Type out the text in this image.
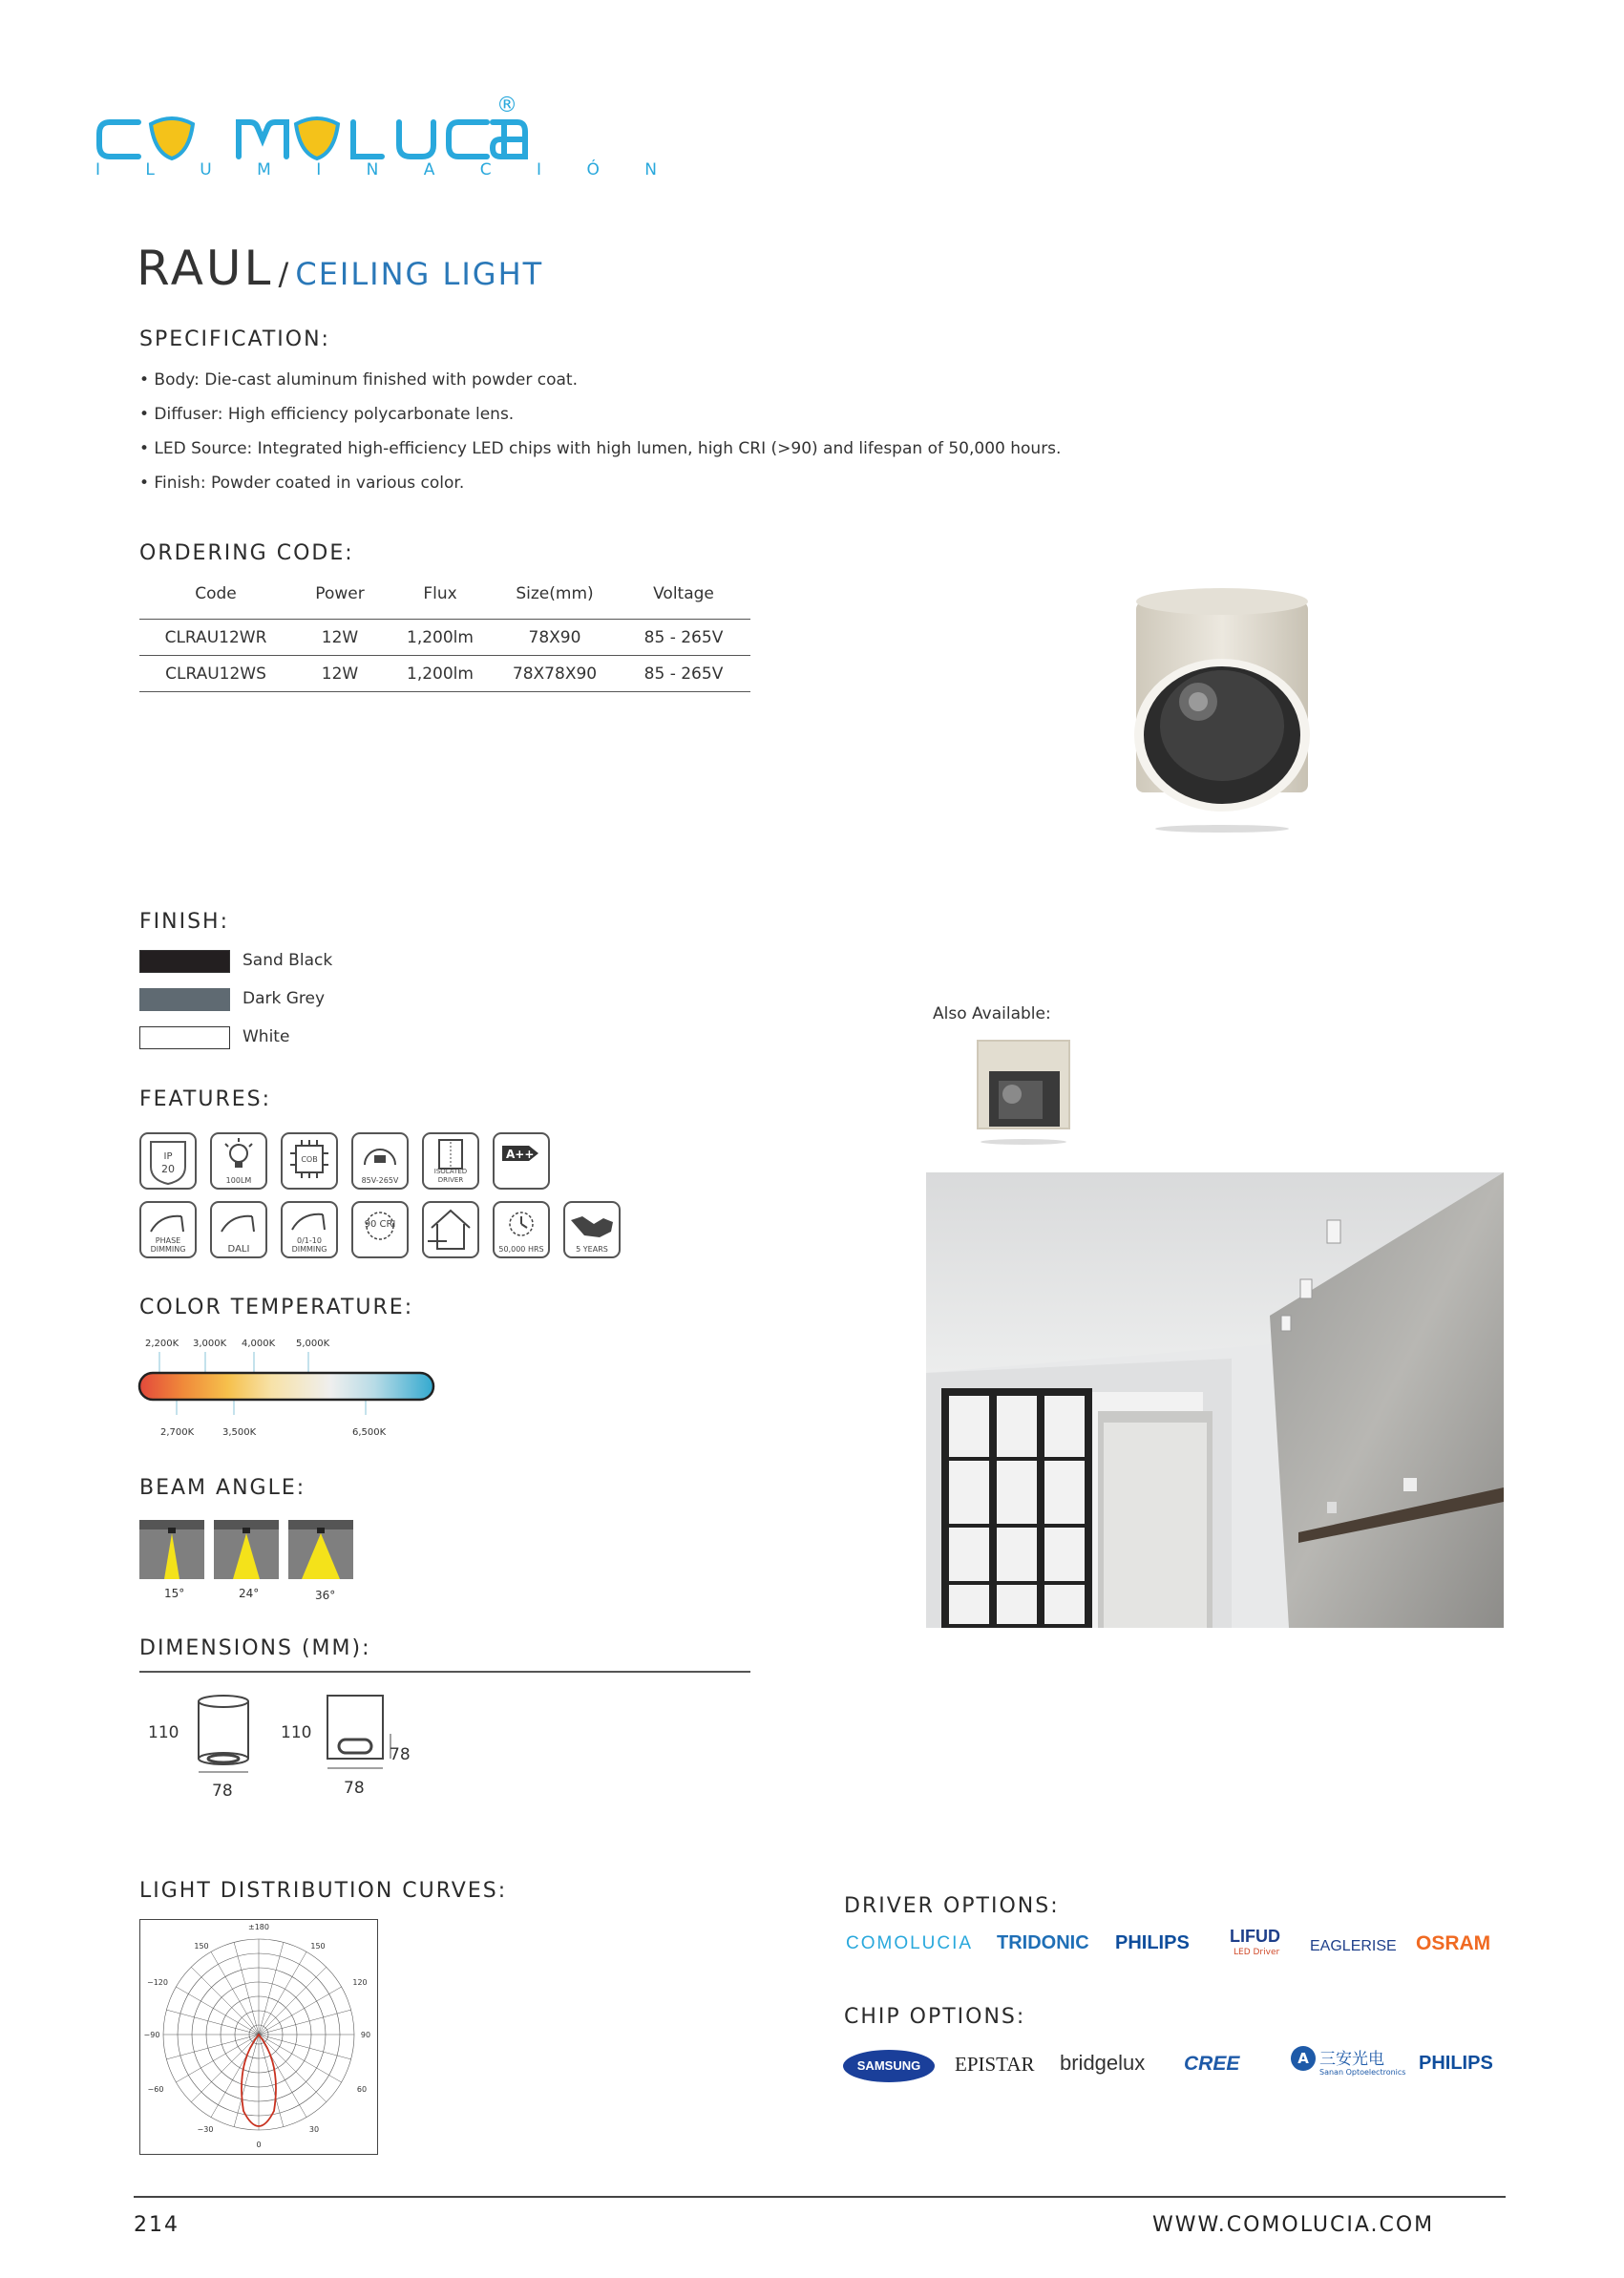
®
I L U M I N A C I Ó N
RAUL / CEILING LIGHT
SPECIFICATION:
• Body: Die-cast aluminum finished with powder coat.
• Diffuser: High efficiency polycarbonate lens.
• LED Source: Integrated high-efficiency LED chips with high lumen, high CRI (>90) and lifespan of 50,000 hours.
• Finish: Powder coated in various color.
ORDERING CODE:
Code	Power	Flux	Size(mm)	Voltage
CLRAU12WR	12W	1,200lm	78X90	85 - 265V
CLRAU12WS	12W	1,200lm	78X78X90	85 - 265V
FINISH:
Sand Black
Dark Grey
White
Also Available:
FEATURES:
IP
20
100LM
COB
85V-265V
ISOLATED DRIVER
A++
PHASE DIMMING	DALI
0/1-10 DIMMING
90 CRI
50,000 HRS	5 YEARS
COLOR TEMPERATURE:
2,200K 3,000K 4,000K 5,000K
2,700K	3,500K	6,500K
BEAM ANGLE:
15°	24°	36°
DIMENSIONS (MM):
110
78
110
78
78
LIGHT DISTRIBUTION CURVES:
±180
150	150
−120	120
−90	90
−60	60
−30	30
0
DRIVER OPTIONS:
COMOLUCIA TRIDONIC PHILIPS LIFUD
LED Driver EAGLERISE OSRAM
CHIP OPTIONS:
SAMSUNG	EPISTAR bridgelux CREE	A 三安光电
Sanan Optoelectronics PHILIPS
214	WWW.COMOLUCIA.COM
